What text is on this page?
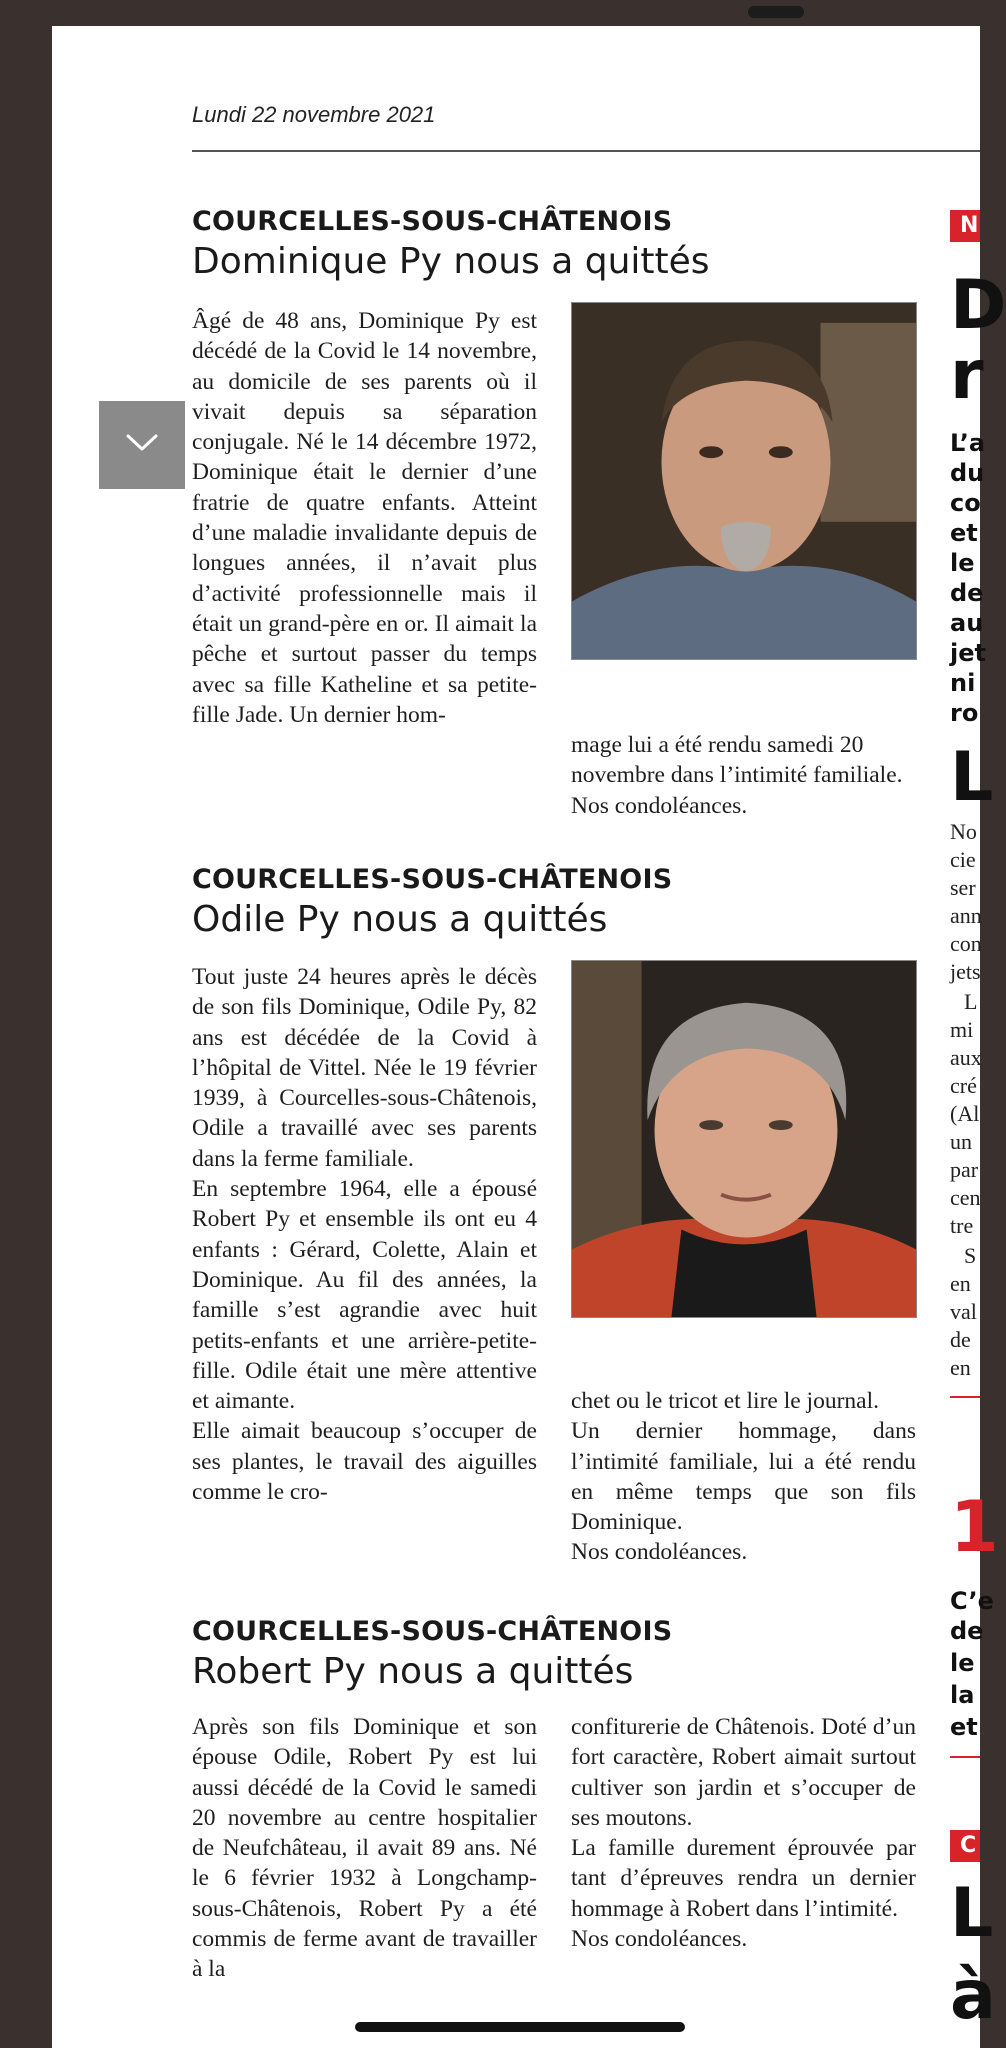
Lundi 22 novembre 2021
COURCELLES-SOUS-CHÂTENOIS
Dominique Py nous a quittés

Âgé de 48 ans, Dominique Py est décédé de la Covid le 14 novembre, au domicile de ses parents où il vivait depuis sa séparation conjugale. Né le 14 décembre 1972, Dominique était le dernier d’une fratrie de quatre enfants. Atteint d’une maladie invalidante depuis de longues années, il n’avait plus d’activité professionnelle mais il était un grand-père en or. Il aimait la pêche et surtout passer du temps avec sa fille Katheline et sa petite-fille Jade. Un dernier hom-

mage lui a été rendu samedi 20 novembre dans l’intimité familiale.

Nos condoléances.

COURCELLES-SOUS-CHÂTENOIS
Odile Py nous a quittés

Tout juste 24 heures après le décès de son fils Dominique, Odile Py, 82 ans est décédée de la Covid à l’hôpital de Vittel. Née le 19 février 1939, à Courcelles-sous-Châtenois, Odile a travaillé avec ses parents dans la ferme familiale.

En septembre 1964, elle a épousé Robert Py et ensemble ils ont eu 4 enfants : Gérard, Colette, Alain et Dominique. Au fil des années, la famille s’est agrandie avec huit petits-enfants et une arrière-petite-fille. Odile était une mère attentive et aimante.

Elle aimait beaucoup s’occuper de ses plantes, le travail des aiguilles comme le cro-

chet ou le tricot et lire le journal.

Un dernier hommage, dans l’intimité familiale, lui a été rendu en même temps que son fils Dominique.

Nos condoléances.

COURCELLES-SOUS-CHÂTENOIS
Robert Py nous a quittés

Après son fils Dominique et son épouse Odile, Robert Py est lui aussi décédé de la Covid le samedi 20 novembre au centre hospitalier de Neufchâteau, il avait 89 ans. Né le 6 février 1932 à Longchamp-sous-Châtenois, Robert Py a été commis de ferme avant de travailler à la

confiturerie de Châtenois. Doté d’un fort caractère, Robert aimait surtout cultiver son jardin et s’occuper de ses moutons.

La famille durement éprouvée par tant d’épreuves rendra un dernier hommage à Robert dans l’intimité.

Nos condoléances.

N
D
r
L’a
du
co
et
le
de
au
jet
ni
ro
L
No
cie
ser
ann
con
jets
L
mi
aux
cré
(Al
un
par
cen
tre
S
en
val
de
en
1
C’e
de
le
la
et
C
L
à
